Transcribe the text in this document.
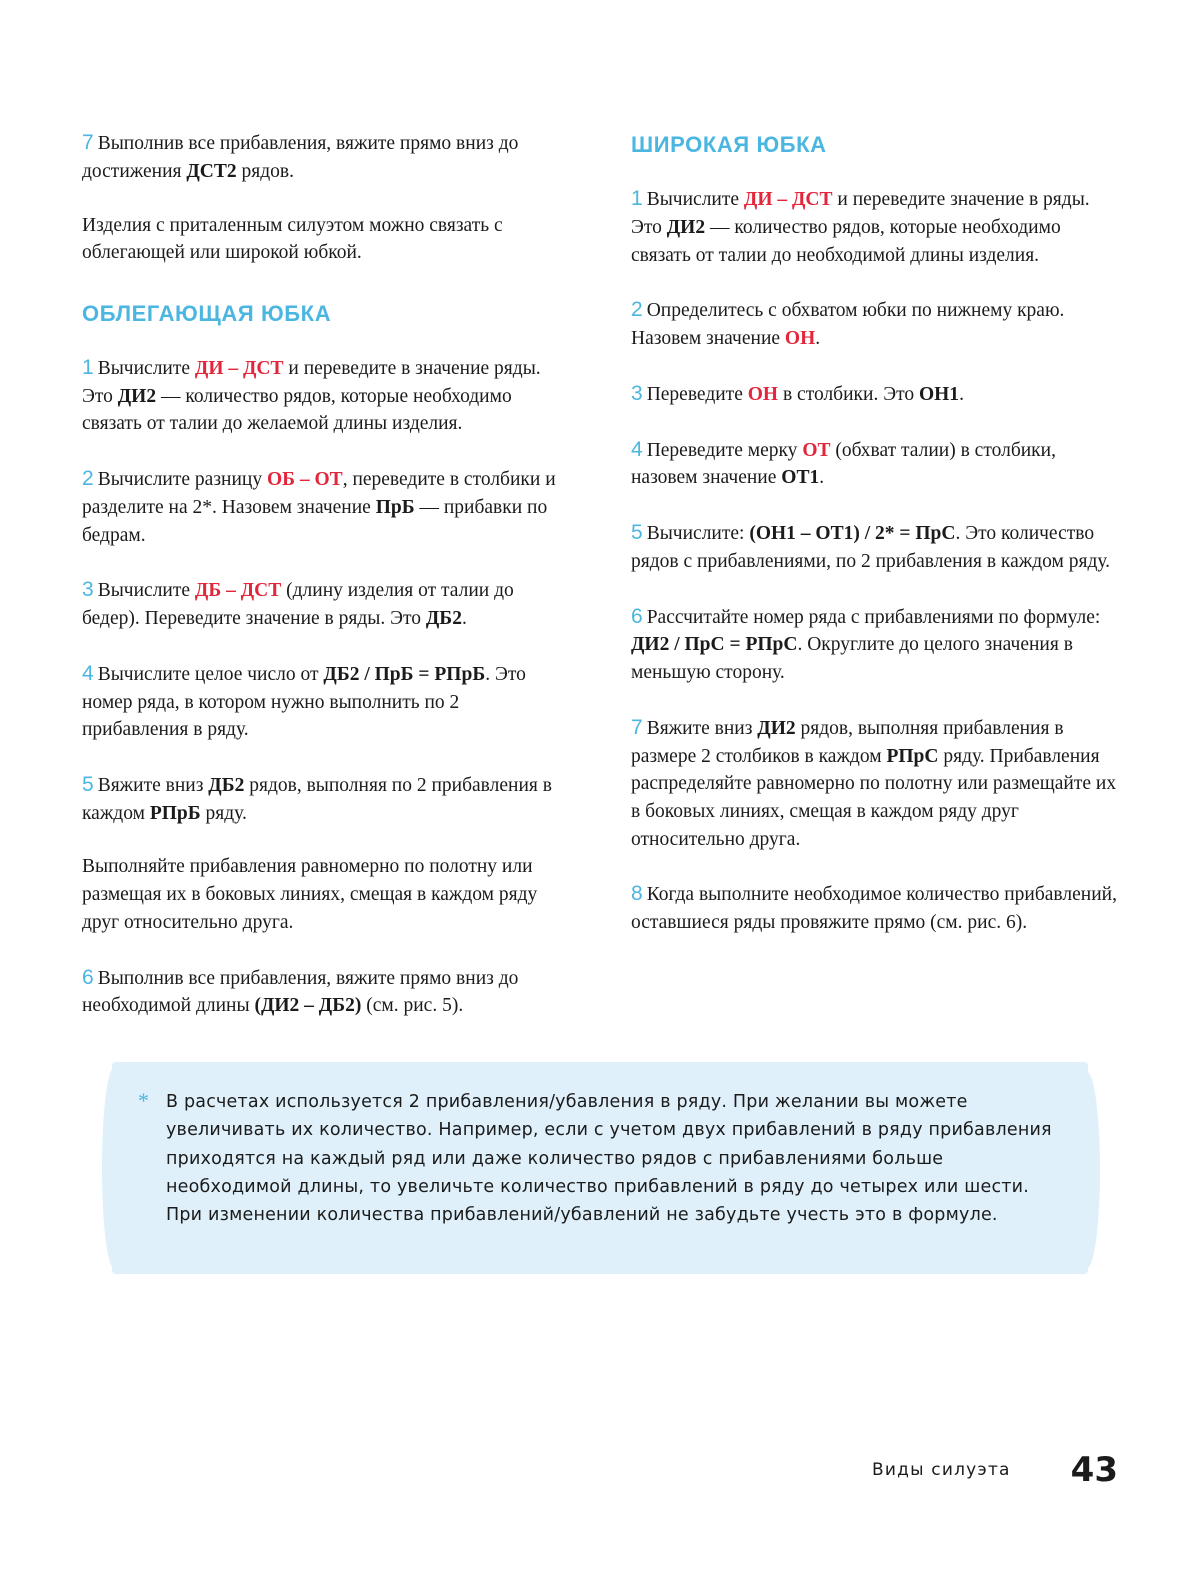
7 Выполнив все прибавления, вяжите прямо вниз до достижения ДСТ2 рядов.

Изделия с приталенным силуэтом можно связать с облегающей или широкой юбкой.

ОБЛЕГАЮЩАЯ ЮБКА

1 Вычислите ДИ – ДСТ и переведите в значение ряды. Это ДИ2 — количество рядов, которые необходимо связать от талии до желаемой длины изделия.

2 Вычислите разницу ОБ – ОТ, переведите в столбики и разделите на 2*. Назовем значение ПрБ — прибавки по бедрам.

3 Вычислите ДБ – ДСТ (длину изделия от талии до бедер). Переведите значение в ряды. Это ДБ2.

4 Вычислите целое число от ДБ2 / ПрБ = РПрБ. Это номер ряда, в котором нужно выполнить по 2 прибавления в ряду.

5 Вяжите вниз ДБ2 рядов, выполняя по 2 прибавления в каждом РПрБ ряду.

Выполняйте прибавления равномерно по полотну или размещая их в боковых линиях, смещая в каждом ряду друг относительно друга.

6 Выполнив все прибавления, вяжите прямо вниз до необходимой длины (ДИ2 – ДБ2) (см. рис. 5).

ШИРОКАЯ ЮБКА

1 Вычислите ДИ – ДСТ и переведите значение в ряды. Это ДИ2 — количество рядов, которые необходимо связать от талии до необходимой длины изделия.

2 Определитесь с обхватом юбки по нижнему краю. Назовем значение ОН.

3 Переведите ОН в столбики. Это ОН1.

4 Переведите мерку ОТ (обхват талии) в столбики, назовем значение ОТ1.

5 Вычислите: (ОН1 – ОТ1) / 2* = ПрС. Это количество рядов с прибавлениями, по 2 прибавления в каждом ряду.

6 Рассчитайте номер ряда с прибавлениями по формуле: ДИ2 / ПрС = РПрС. Округлите до целого значения в меньшую сторону.

7 Вяжите вниз ДИ2 рядов, выполняя прибавления в размере 2 столбиков в каждом РПрС ряду. Прибавления распределяйте равномерно по полотну или размещайте их в боковых линиях, смещая в каждом ряду друг относительно друга.

8 Когда выполните необходимое количество прибавлений, оставшиеся ряды провяжите прямо (см. рис. 6).

* В расчетах используется 2 прибавления/убавления в ряду. При желании вы можете увеличивать их количество. Например, если с учетом двух прибавлений в ряду прибавления приходятся на каждый ряд или даже количество рядов с прибавлениями больше необходимой длины, то увеличьте количество прибавлений в ряду до четырех или шести. При изменении количества прибавлений/убавлений не забудьте учесть это в формуле.
Виды силуэта 43
